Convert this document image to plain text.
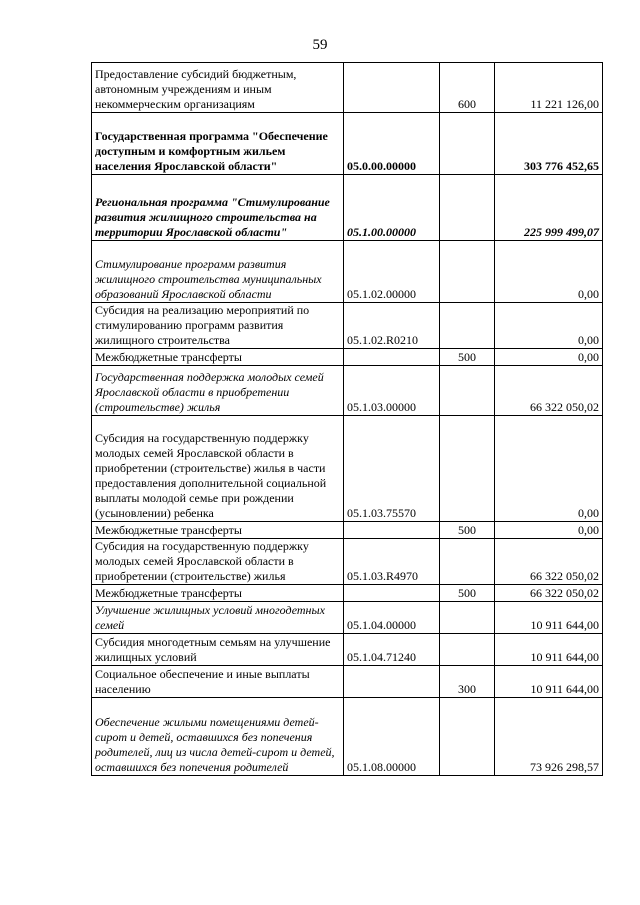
59
Предоставление субсидий бюджетным, автономным учреждениям и иным некоммерческим организациям		600	11 221 126,00
Государственная программа "Обеспечение доступным и комфортным жильем населения Ярославской области"	05.0.00.00000		303 776 452,65
Региональная программа "Стимулирование развития жилищного строительства на территории Ярославской области"	05.1.00.00000		225 999 499,07
Стимулирование программ развития жилищного строительства муниципальных образований Ярославской области	05.1.02.00000		0,00
Субсидия на реализацию мероприятий по стимулированию программ развития жилищного строительства	05.1.02.R0210		0,00
Межбюджетные трансферты		500	0,00
Государственная поддержка молодых семей Ярославской области в приобретении (строительстве) жилья	05.1.03.00000		66 322 050,02
Субсидия на государственную поддержку молодых семей Ярославской области в приобретении (строительстве) жилья в части предоставления дополнительной социальной выплаты молодой семье при рождении (усыновлении) ребенка	05.1.03.75570		0,00
Межбюджетные трансферты		500	0,00
Субсидия на государственную поддержку молодых семей Ярославской области в приобретении (строительстве) жилья	05.1.03.R4970		66 322 050,02
Межбюджетные трансферты		500	66 322 050,02
Улучшение жилищных условий многодетных семей	05.1.04.00000		10 911 644,00
Субсидия многодетным семьям на улучшение жилищных условий	05.1.04.71240		10 911 644,00
Социальное обеспечение и иные выплаты населению		300	10 911 644,00
Обеспечение жилыми помещениями детей-сирот и детей, оставшихся без попечения родителей, лиц из числа детей-сирот и детей, оставшихся без попечения родителей	05.1.08.00000		73 926 298,57
